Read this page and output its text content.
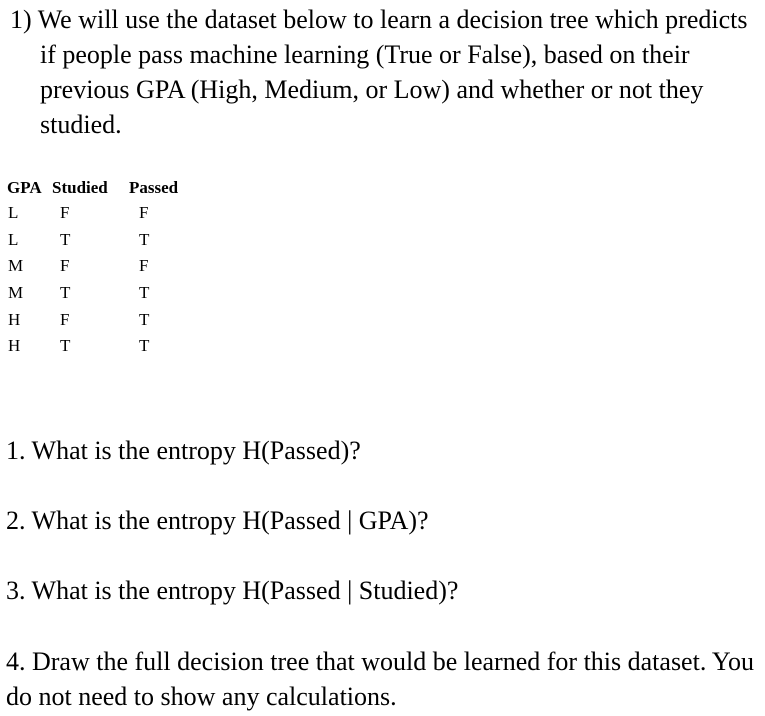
1) We will use the dataset below to learn a decision tree which predicts if people pass machine learning (True or False), based on their previous GPA (High, Medium, or Low) and whether or not they studied.

GPA	Studied	Passed
L	F	F
L	T	T
M	F	F
M	T	T
H	F	T
H	T	T

1. What is the entropy H(Passed)?

2. What is the entropy H(Passed | GPA)?

3. What is the entropy H(Passed | Studied)?

4. Draw the full decision tree that would be learned for this dataset. You do not need to show any calculations.
